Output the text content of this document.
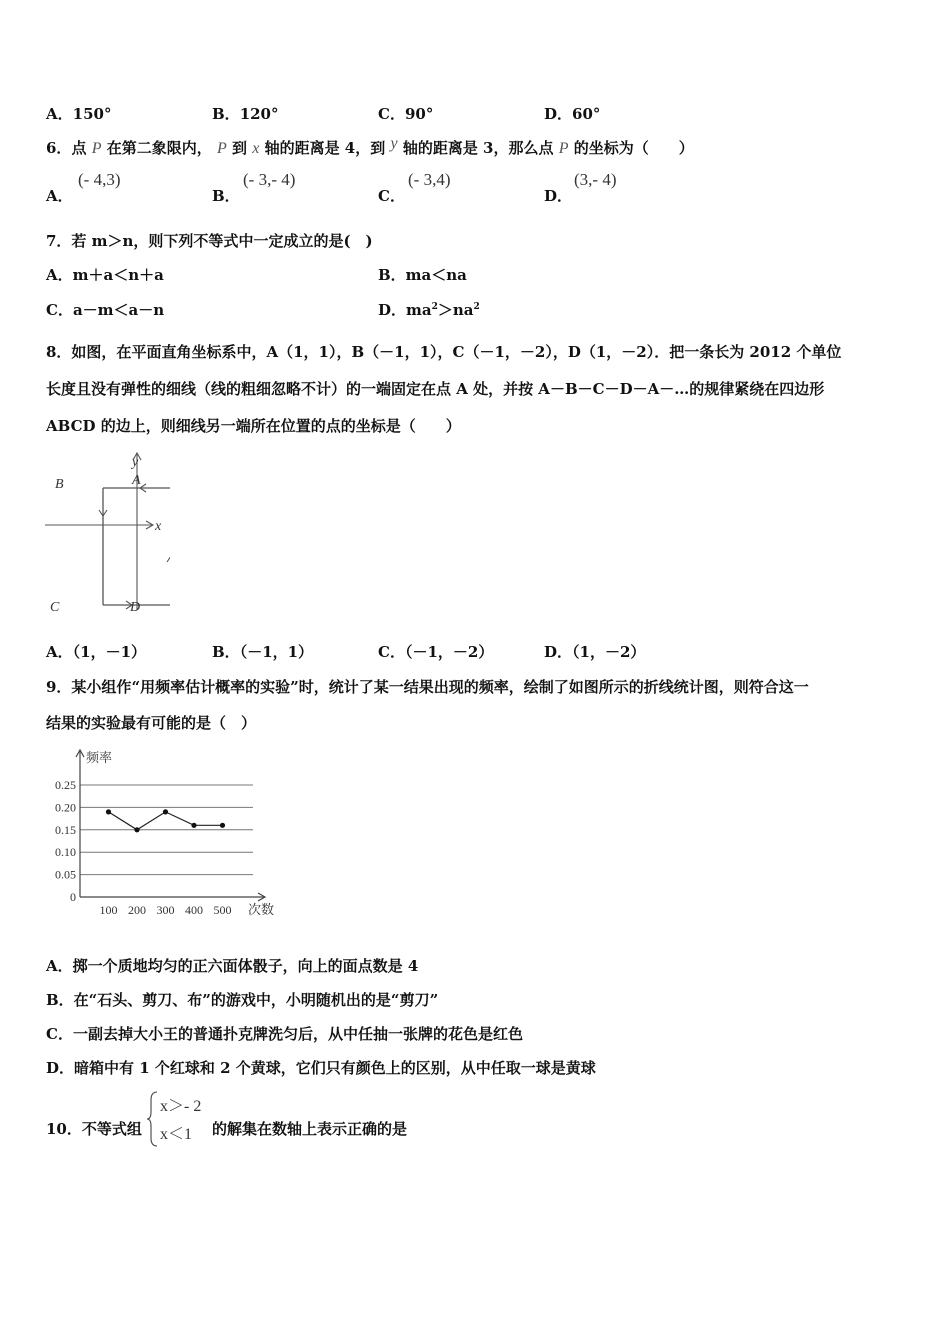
A．150°	B．120°	C．90°	D．60°
6．点 P 在第二象限内， P 到 x 轴的距离是 4，到 y 轴的距离是 3，那么点 P 的坐标为（　　）
A．
(- 4,3)
B．
(- 3,- 4)
C．
(- 3,4)
D．
(3,- 4)
7．若 m＞n，则下列不等式中一定成立的是(　)
A．m＋a＜n＋a	B．ma＜na
C．a－m＜a－n	D．$ma^2>na^2$
8．如图，在平面直角坐标系中，A（1，1），B（－1，1），C（－1，－2），D（1，－2）．把一条长为 2012 个单位
长度且没有弹性的细线（线的粗细忽略不计）的一端固定在点 A 处，并按 A－B－C－D－A－…的规律紧绕在四边形
ABCD 的边上，则细线另一端所在位置的点的坐标是（　　）
B
y
A
x
C	D
A．（1，－1）	B．（－1，1）	C．（－1，－2）	D．（1，－2）
9．某小组作“用频率估计概率的实验”时，统计了某一结果出现的频率，绘制了如图所示的折线统计图，则符合这一
结果的实验最有可能的是（　）
频率
次数
0
0.05
0.10
0.15
0.20
0.25
100 200 300 400 500
A．掷一个质地均匀的正六面体骰子，向上的面点数是 4
B．在“石头、剪刀、布”的游戏中，小明随机出的是“剪刀”
C．一副去掉大小王的普通扑克牌洗匀后，从中任抽一张牌的花色是红色
D．暗箱中有 1 个红球和 2 个黄球，它们只有颜色上的区别，从中任取一球是黄球
10．不等式组
x＞- 2
x＜1 的解集在数轴上表示正确的是
